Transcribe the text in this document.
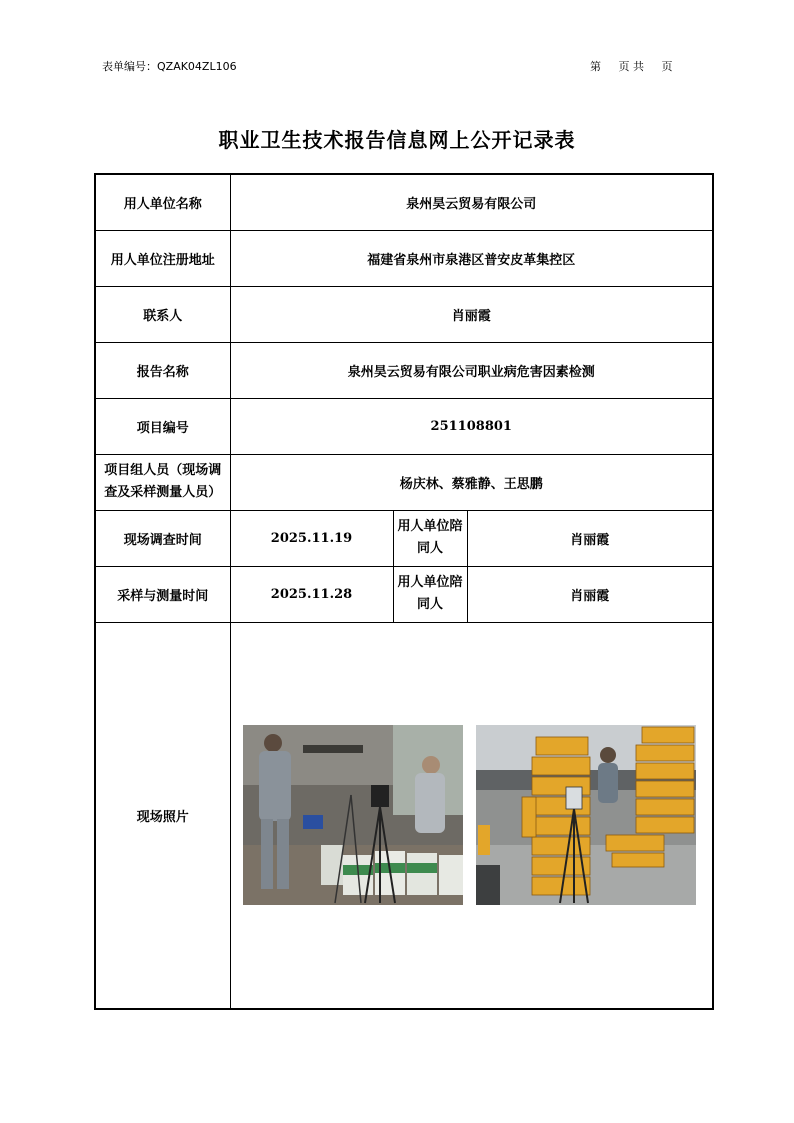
表单编号：QZAK04ZL106	第 页 共 页
职业卫生技术报告信息网上公开记录表
用人单位名称	泉州昊云贸易有限公司		
用人单位注册地址	福建省泉州市泉港区普安皮革集控区		
联系人	肖丽霞		
报告名称	泉州昊云贸易有限公司职业病危害因素检测		
项目编号	251108801		
项目组人员（现场调查及采样测量人员）	杨庆林、蔡雅静、王思鹏		
现场调查时间	2025.11.19	用人单位陪同人	肖丽霞
采样与测量时间	2025.11.28	用人单位陪同人	肖丽霞
现场照片	
